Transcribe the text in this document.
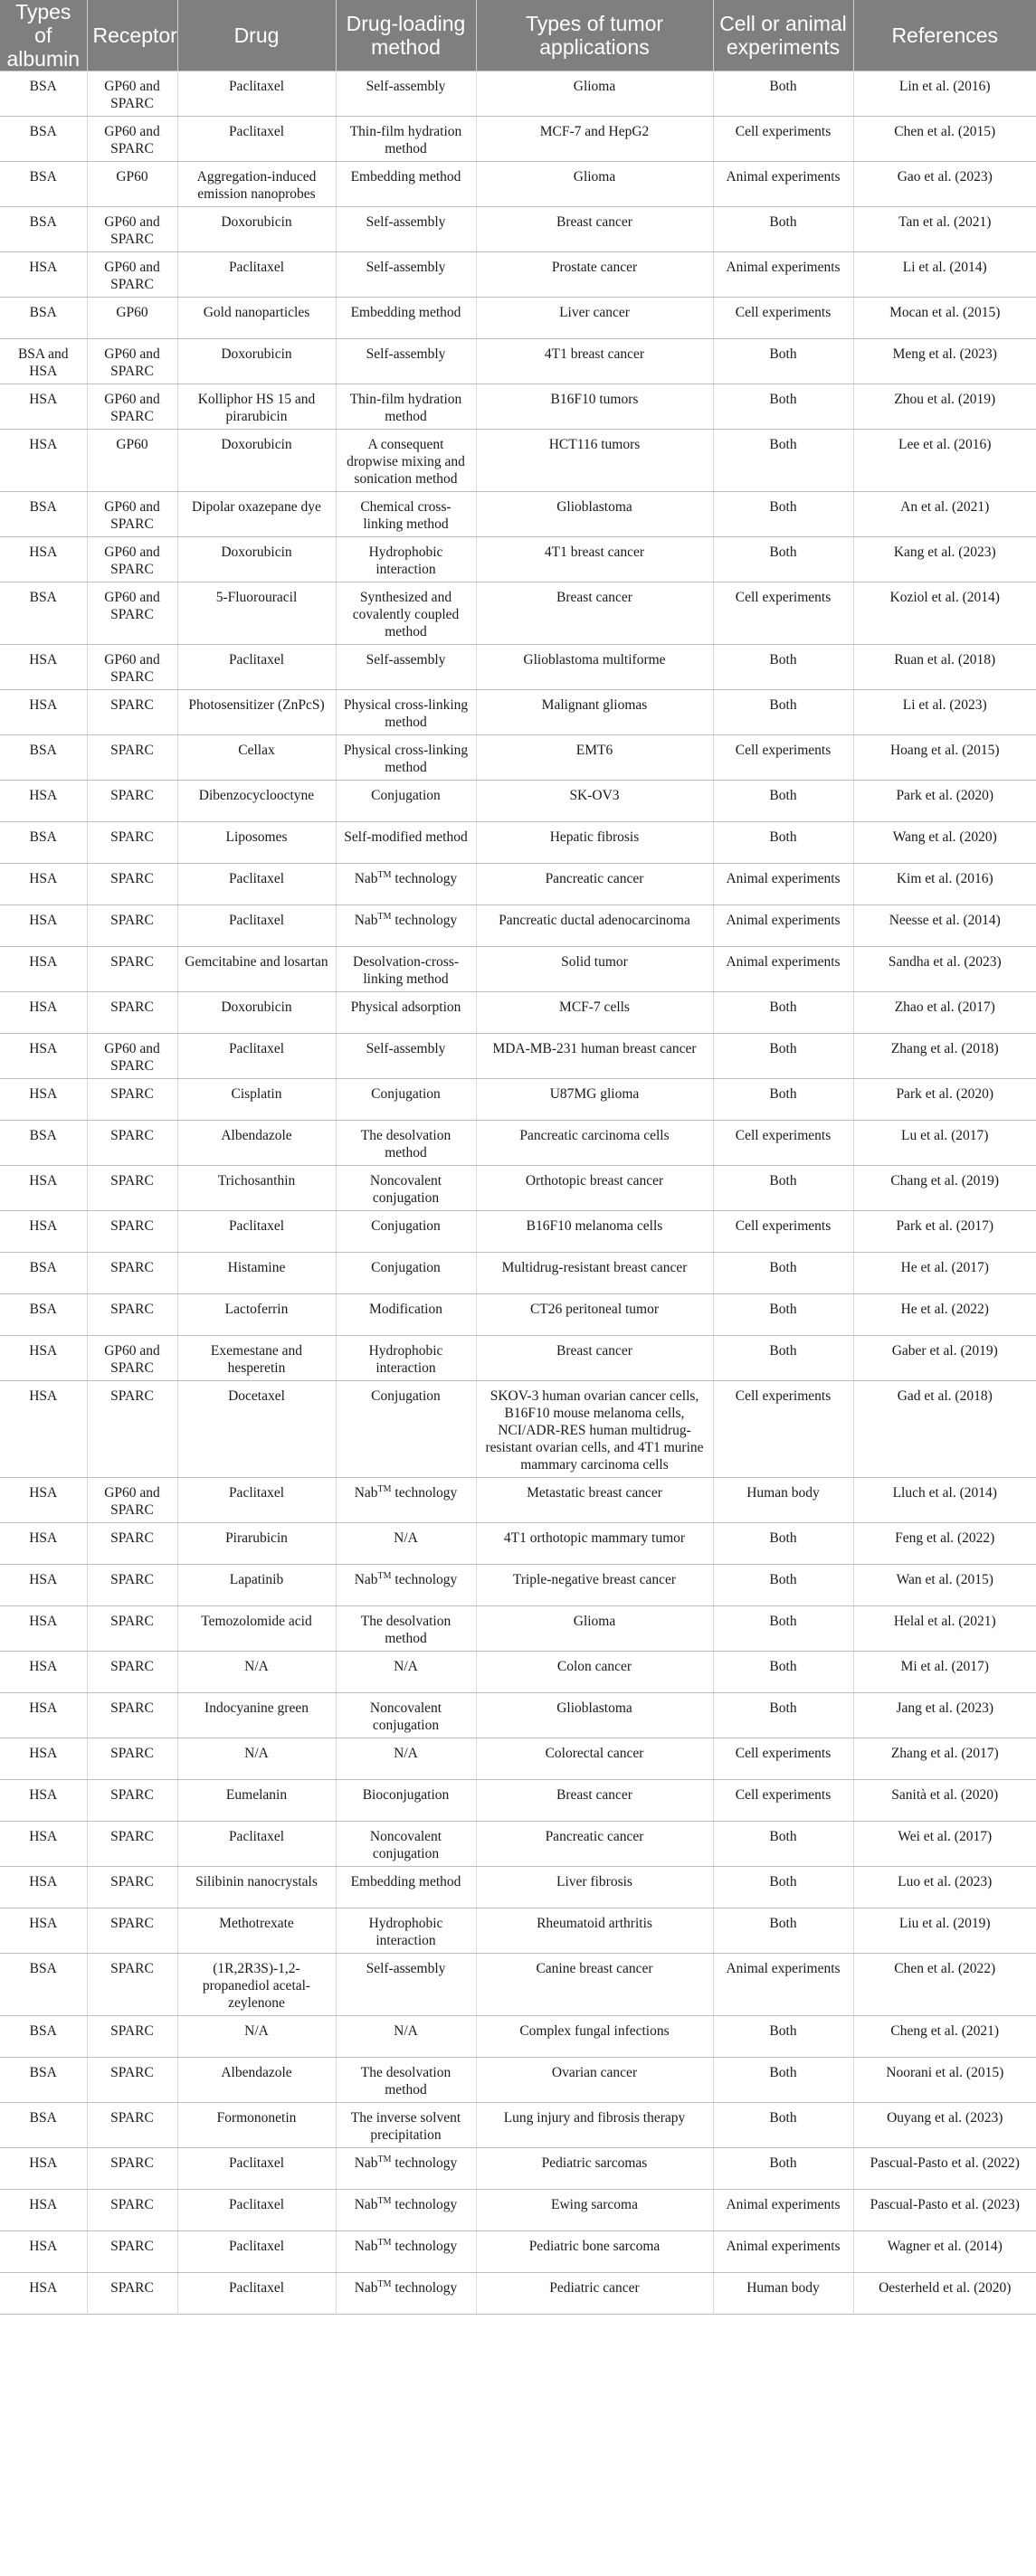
Types of albumin	Receptor	Drug	Drug-loading method	Types of tumor applications	Cell or animal experiments	References
BSA	GP60 and SPARC	Paclitaxel	Self-assembly	Glioma	Both	Lin et al. (2016)
BSA	GP60 and SPARC	Paclitaxel	Thin-film hydration method	MCF-7 and HepG2	Cell experiments	Chen et al. (2015)
BSA	GP60	Aggregation-induced emission nanoprobes	Embedding method	Glioma	Animal experiments	Gao et al. (2023)
BSA	GP60 and SPARC	Doxorubicin	Self-assembly	Breast cancer	Both	Tan et al. (2021)
HSA	GP60 and SPARC	Paclitaxel	Self-assembly	Prostate cancer	Animal experiments	Li et al. (2014)
BSA	GP60	Gold nanoparticles	Embedding method	Liver cancer	Cell experiments	Mocan et al. (2015)
BSA and HSA	GP60 and SPARC	Doxorubicin	Self-assembly	4T1 breast cancer	Both	Meng et al. (2023)
HSA	GP60 and SPARC	Kolliphor HS 15 and pirarubicin	Thin-film hydration method	B16F10 tumors	Both	Zhou et al. (2019)
HSA	GP60	Doxorubicin	A consequent dropwise mixing and sonication method	HCT116 tumors	Both	Lee et al. (2016)
BSA	GP60 and SPARC	Dipolar oxazepane dye	Chemical cross-linking method	Glioblastoma	Both	An et al. (2021)
HSA	GP60 and SPARC	Doxorubicin	Hydrophobic interaction	4T1 breast cancer	Both	Kang et al. (2023)
BSA	GP60 and SPARC	5-Fluorouracil	Synthesized and covalently coupled method	Breast cancer	Cell experiments	Koziol et al. (2014)
HSA	GP60 and SPARC	Paclitaxel	Self-assembly	Glioblastoma multiforme	Both	Ruan et al. (2018)
HSA	SPARC	Photosensitizer (ZnPcS)	Physical cross-linking method	Malignant gliomas	Both	Li et al. (2023)
BSA	SPARC	Cellax	Physical cross-linking method	EMT6	Cell experiments	Hoang et al. (2015)
HSA	SPARC	Dibenzocyclooctyne	Conjugation	SK-OV3	Both	Park et al. (2020)
BSA	SPARC	Liposomes	Self-modified method	Hepatic fibrosis	Both	Wang et al. (2020)
HSA	SPARC	Paclitaxel	Nab™ technology	Pancreatic cancer	Animal experiments	Kim et al. (2016)
HSA	SPARC	Paclitaxel	Nab™ technology	Pancreatic ductal adenocarcinoma	Animal experiments	Neesse et al. (2014)
HSA	SPARC	Gemcitabine and losartan	Desolvation-cross-linking method	Solid tumor	Animal experiments	Sandha et al. (2023)
HSA	SPARC	Doxorubicin	Physical adsorption	MCF-7 cells	Both	Zhao et al. (2017)
HSA	GP60 and SPARC	Paclitaxel	Self-assembly	MDA-MB-231 human breast cancer	Both	Zhang et al. (2018)
HSA	SPARC	Cisplatin	Conjugation	U87MG glioma	Both	Park et al. (2020)
BSA	SPARC	Albendazole	The desolvation method	Pancreatic carcinoma cells	Cell experiments	Lu et al. (2017)
HSA	SPARC	Trichosanthin	Noncovalent conjugation	Orthotopic breast cancer	Both	Chang et al. (2019)
HSA	SPARC	Paclitaxel	Conjugation	B16F10 melanoma cells	Cell experiments	Park et al. (2017)
BSA	SPARC	Histamine	Conjugation	Multidrug-resistant breast cancer	Both	He et al. (2017)
BSA	SPARC	Lactoferrin	Modification	CT26 peritoneal tumor	Both	He et al. (2022)
HSA	GP60 and SPARC	Exemestane and hesperetin	Hydrophobic interaction	Breast cancer	Both	Gaber et al. (2019)
HSA	SPARC	Docetaxel	Conjugation	SKOV-3 human ovarian cancer cells, B16F10 mouse melanoma cells, NCI/ADR-RES human multidrug-resistant ovarian cells, and 4T1 murine mammary carcinoma cells	Cell experiments	Gad et al. (2018)
HSA	GP60 and SPARC	Paclitaxel	Nab™ technology	Metastatic breast cancer	Human body	Lluch et al. (2014)
HSA	SPARC	Pirarubicin	N/A	4T1 orthotopic mammary tumor	Both	Feng et al. (2022)
HSA	SPARC	Lapatinib	Nab™ technology	Triple-negative breast cancer	Both	Wan et al. (2015)
HSA	SPARC	Temozolomide acid	The desolvation method	Glioma	Both	Helal et al. (2021)
HSA	SPARC	N/A	N/A	Colon cancer	Both	Mi et al. (2017)
HSA	SPARC	Indocyanine green	Noncovalent conjugation	Glioblastoma	Both	Jang et al. (2023)
HSA	SPARC	N/A	N/A	Colorectal cancer	Cell experiments	Zhang et al. (2017)
HSA	SPARC	Eumelanin	Bioconjugation	Breast cancer	Cell experiments	Sanità et al. (2020)
HSA	SPARC	Paclitaxel	Noncovalent conjugation	Pancreatic cancer	Both	Wei et al. (2017)
HSA	SPARC	Silibinin nanocrystals	Embedding method	Liver fibrosis	Both	Luo et al. (2023)
HSA	SPARC	Methotrexate	Hydrophobic interaction	Rheumatoid arthritis	Both	Liu et al. (2019)
BSA	SPARC	(1R,2R3S)-1,2-propanediol acetal-zeylenone	Self-assembly	Canine breast cancer	Animal experiments	Chen et al. (2022)
BSA	SPARC	N/A	N/A	Complex fungal infections	Both	Cheng et al. (2021)
BSA	SPARC	Albendazole	The desolvation method	Ovarian cancer	Both	Noorani et al. (2015)
BSA	SPARC	Formononetin	The inverse solvent precipitation	Lung injury and fibrosis therapy	Both	Ouyang et al. (2023)
HSA	SPARC	Paclitaxel	Nab™ technology	Pediatric sarcomas	Both	Pascual-Pasto et al. (2022)
HSA	SPARC	Paclitaxel	Nab™ technology	Ewing sarcoma	Animal experiments	Pascual-Pasto et al. (2023)
HSA	SPARC	Paclitaxel	Nab™ technology	Pediatric bone sarcoma	Animal experiments	Wagner et al. (2014)
HSA	SPARC	Paclitaxel	Nab™ technology	Pediatric cancer	Human body	Oesterheld et al. (2020)
